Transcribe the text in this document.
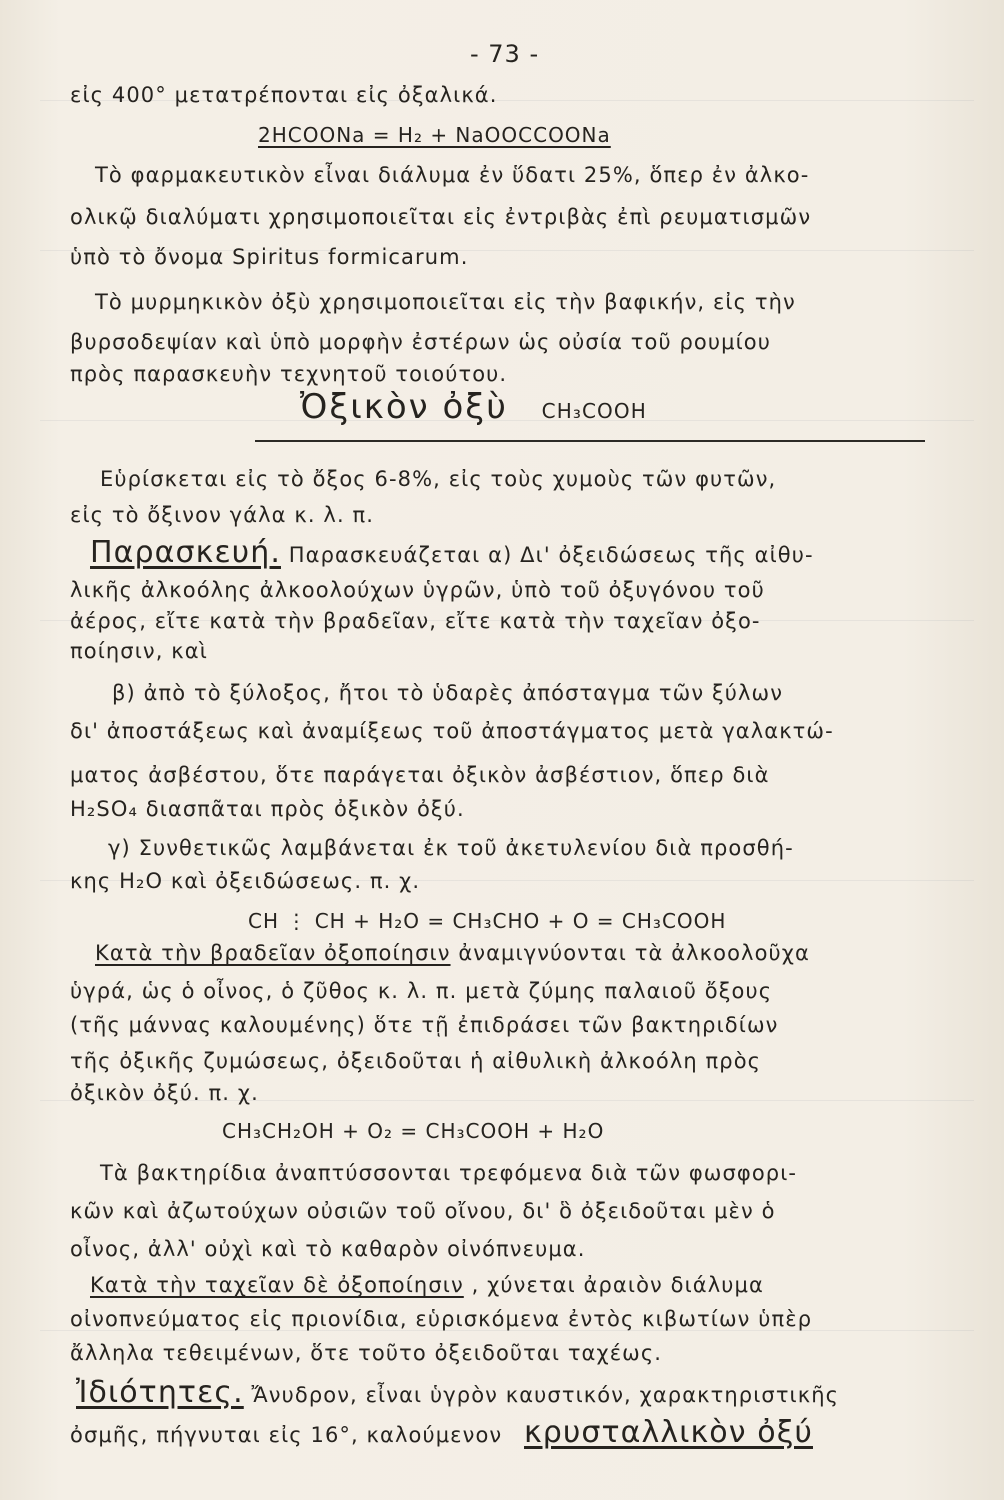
- 73 -
εἰς 400° μετατρέπονται εἰς ὀξαλικά.
2HCOONa = H₂ + NaOOCCOONa
Τὸ φαρμακευτικὸν εἶναι διάλυμα ἐν ὕδατι 25%, ὅπερ ἐν ἀλκο-
ολικῷ διαλύματι χρησιμοποιεῖται εἰς ἐντριβὰς ἐπὶ ρευματισμῶν
ὑπὸ τὸ ὄνομα Spiritus formicarum.
Τὸ μυρμηκικὸν ὀξὺ χρησιμοποιεῖται εἰς τὴν βαφικήν, εἰς τὴν
βυρσοδεψίαν καὶ ὑπὸ μορφὴν ἐστέρων ὡς οὐσία τοῦ ρουμίου
πρὸς παρασκευὴν τεχνητοῦ τοιούτου.
Ὀξικὸν ὀξὺ CH₃COOH
Εὑρίσκεται εἰς τὸ ὄξος 6-8%, εἰς τοὺς χυμοὺς τῶν φυτῶν,
εἰς τὸ ὄξινον γάλα κ. λ. π.
Παρασκευή. Παρασκευάζεται α) Δι' ὀξειδώσεως τῆς αἰθυ-
λικῆς ἀλκοόλης ἀλκοολούχων ὑγρῶν, ὑπὸ τοῦ ὀξυγόνου τοῦ
ἀέρος, εἴτε κατὰ τὴν βραδεῖαν, εἴτε κατὰ τὴν ταχεῖαν ὀξο-
ποίησιν, καὶ
β) ἀπὸ τὸ ξύλοξος, ἤτοι τὸ ὑδαρὲς ἀπόσταγμα τῶν ξύλων
δι' ἀποστάξεως καὶ ἀναμίξεως τοῦ ἀποστάγματος μετὰ γαλακτώ-
ματος ἀσβέστου, ὅτε παράγεται ὀξικὸν ἀσβέστιον, ὅπερ διὰ
H₂SO₄ διασπᾶται πρὸς ὀξικὸν ὀξύ.
γ) Συνθετικῶς λαμβάνεται ἐκ τοῦ ἀκετυλενίου διὰ προσθή-
κης H₂O καὶ ὀξειδώσεως. π. χ.
CH ⋮ CH + H₂O = CH₃CHO + O = CH₃COOH
Κατὰ τὴν βραδεῖαν ὀξοποίησιν ἀναμιγνύονται τὰ ἀλκοολοῦχα
ὑγρά, ὡς ὁ οἶνος, ὁ ζῦθος κ. λ. π. μετὰ ζύμης παλαιοῦ ὄξους
(τῆς μάννας καλουμένης) ὅτε τῇ ἐπιδράσει τῶν βακτηριδίων
τῆς ὀξικῆς ζυμώσεως, ὀξειδοῦται ἡ αἰθυλικὴ ἀλκοόλη πρὸς
ὀξικὸν ὀξύ. π. χ.
CH₃CH₂OH + O₂ = CH₃COOH + H₂O
Τὰ βακτηρίδια ἀναπτύσσονται τρεφόμενα διὰ τῶν φωσφορι-
κῶν καὶ ἀζωτούχων οὐσιῶν τοῦ οἴνου, δι' ὃ ὀξειδοῦται μὲν ὁ
οἶνος, ἀλλ' οὐχὶ καὶ τὸ καθαρὸν οἰνόπνευμα.
Κατὰ τὴν ταχεῖαν δὲ ὀξοποίησιν , χύνεται ἀραιὸν διάλυμα
οἰνοπνεύματος εἰς πριονίδια, εὑρισκόμενα ἐντὸς κιβωτίων ὑπὲρ
ἄλληλα τεθειμένων, ὅτε τοῦτο ὀξειδοῦται ταχέως.
Ἰδιότητες. Ἄνυδρον, εἶναι ὑγρὸν καυστικόν, χαρακτηριστικῆς
ὀσμῆς, πήγνυται εἰς 16°, καλούμενον κρυσταλλικὸν ὀξύ
